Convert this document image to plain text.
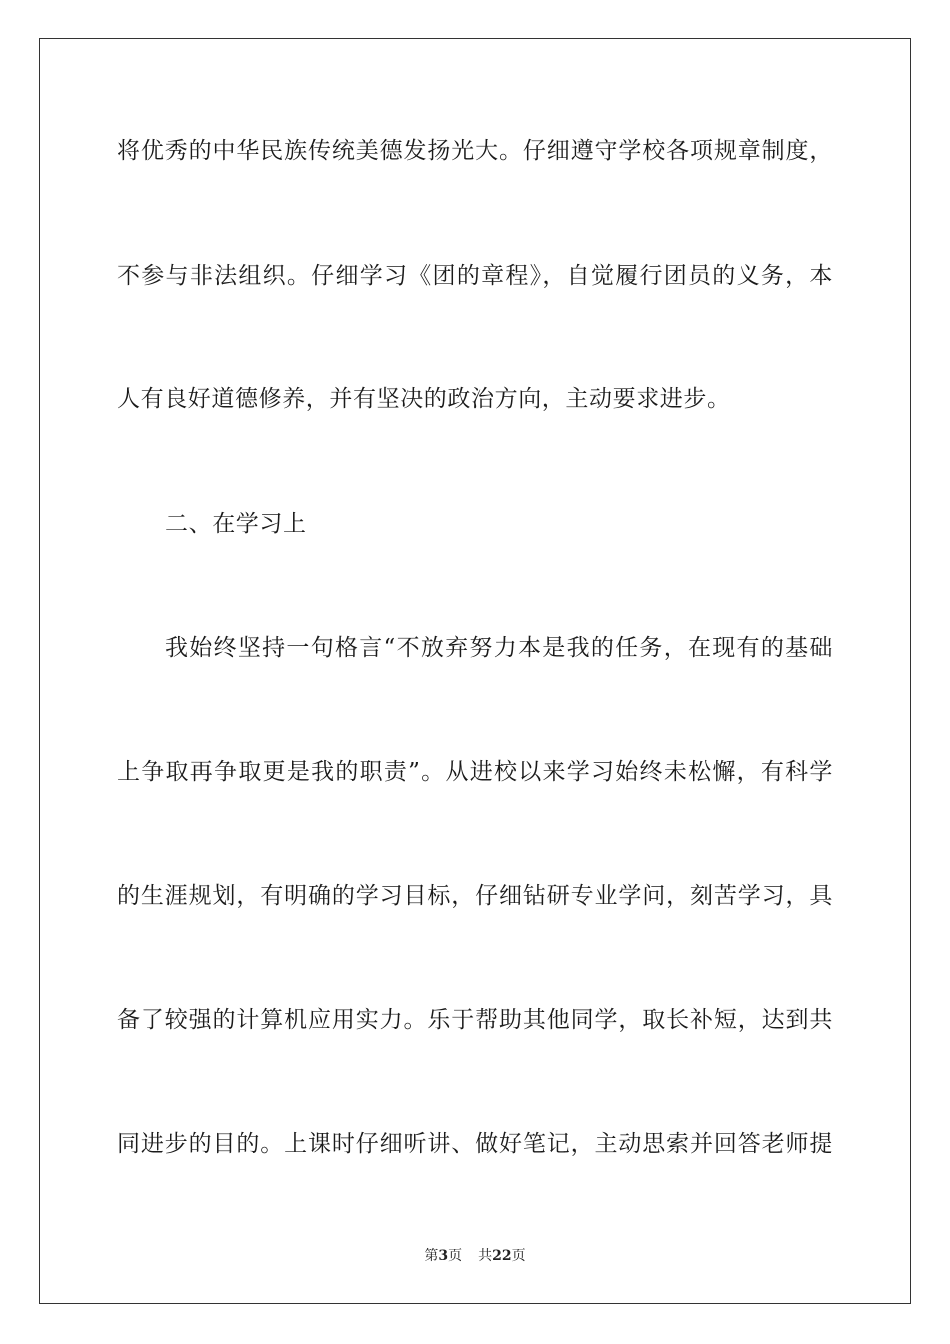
将优秀的中华民族传统美德发扬光大。仔细遵守学校各项规章制度，
不参与非法组织。仔细学习《团的章程》，自觉履行团员的义务，本
人有良好道德修养，并有坚决的政治方向，主动要求进步。
二、在学习上
我始终坚持一句格言“不放弃努力本是我的任务，在现有的基础
上争取再争取更是我的职责”。从进校以来学习始终未松懈，有科学
的生涯规划，有明确的学习目标，仔细钻研专业学问，刻苦学习，具
备了较强的计算机应用实力。乐于帮助其他同学，取长补短，达到共
同进步的目的。上课时仔细听讲、做好笔记，主动思索并回答老师提
第3页 共22页
